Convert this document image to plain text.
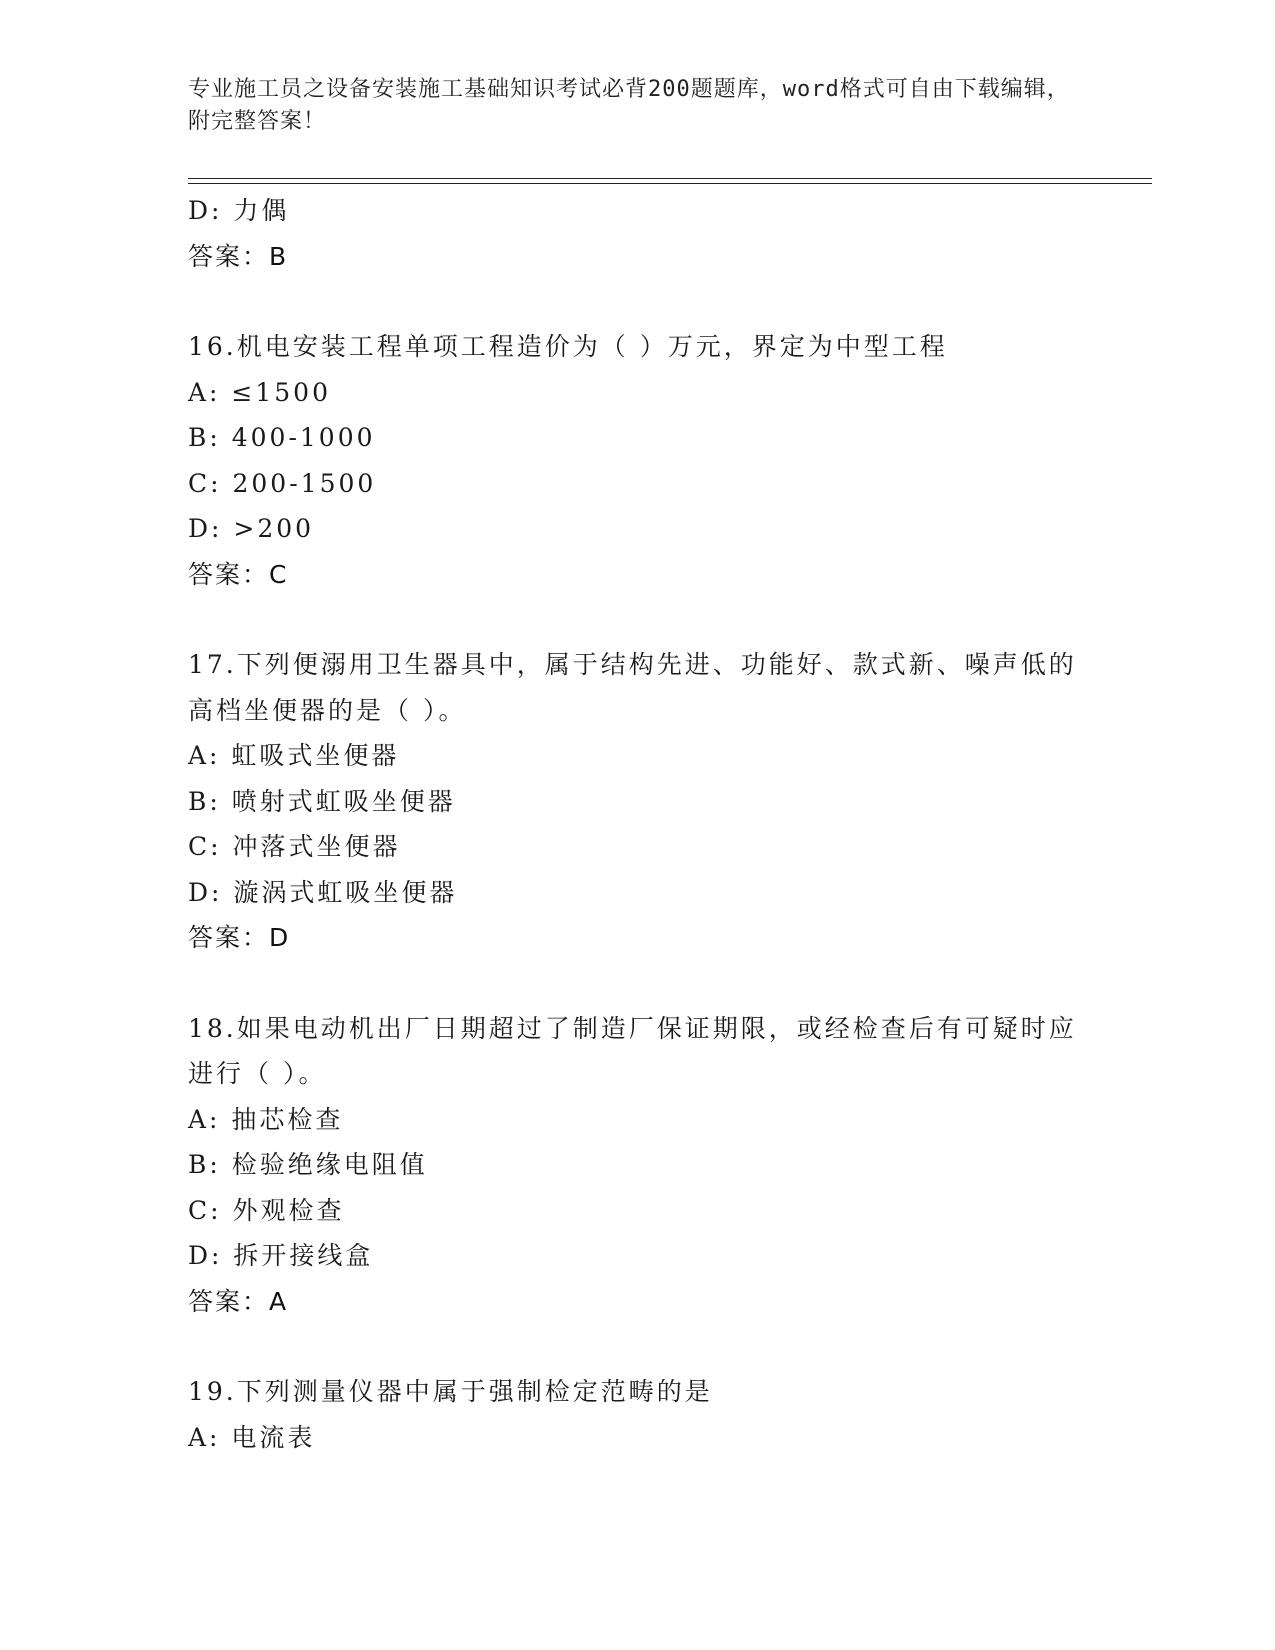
专业施工员之设备安装施工基础知识考试必背200题题库，word格式可自由下载编辑，附完整答案！
D: 力偶
答案：B
16.机电安装工程单项工程造价为（ ）万元，界定为中型工程
A: ≤1500
B: 400-1000
C: 200-1500
D: >200
答案：C
17.下列便溺用卫生器具中，属于结构先进、功能好、款式新、噪声低的高档坐便器的是（ ）。
A: 虹吸式坐便器
B: 喷射式虹吸坐便器
C: 冲落式坐便器
D: 漩涡式虹吸坐便器
答案：D
18.如果电动机出厂日期超过了制造厂保证期限，或经检查后有可疑时应进行（ ）。
A: 抽芯检查
B: 检验绝缘电阻值
C: 外观检查
D: 拆开接线盒
答案：A
19.下列测量仪器中属于强制检定范畴的是
A: 电流表
